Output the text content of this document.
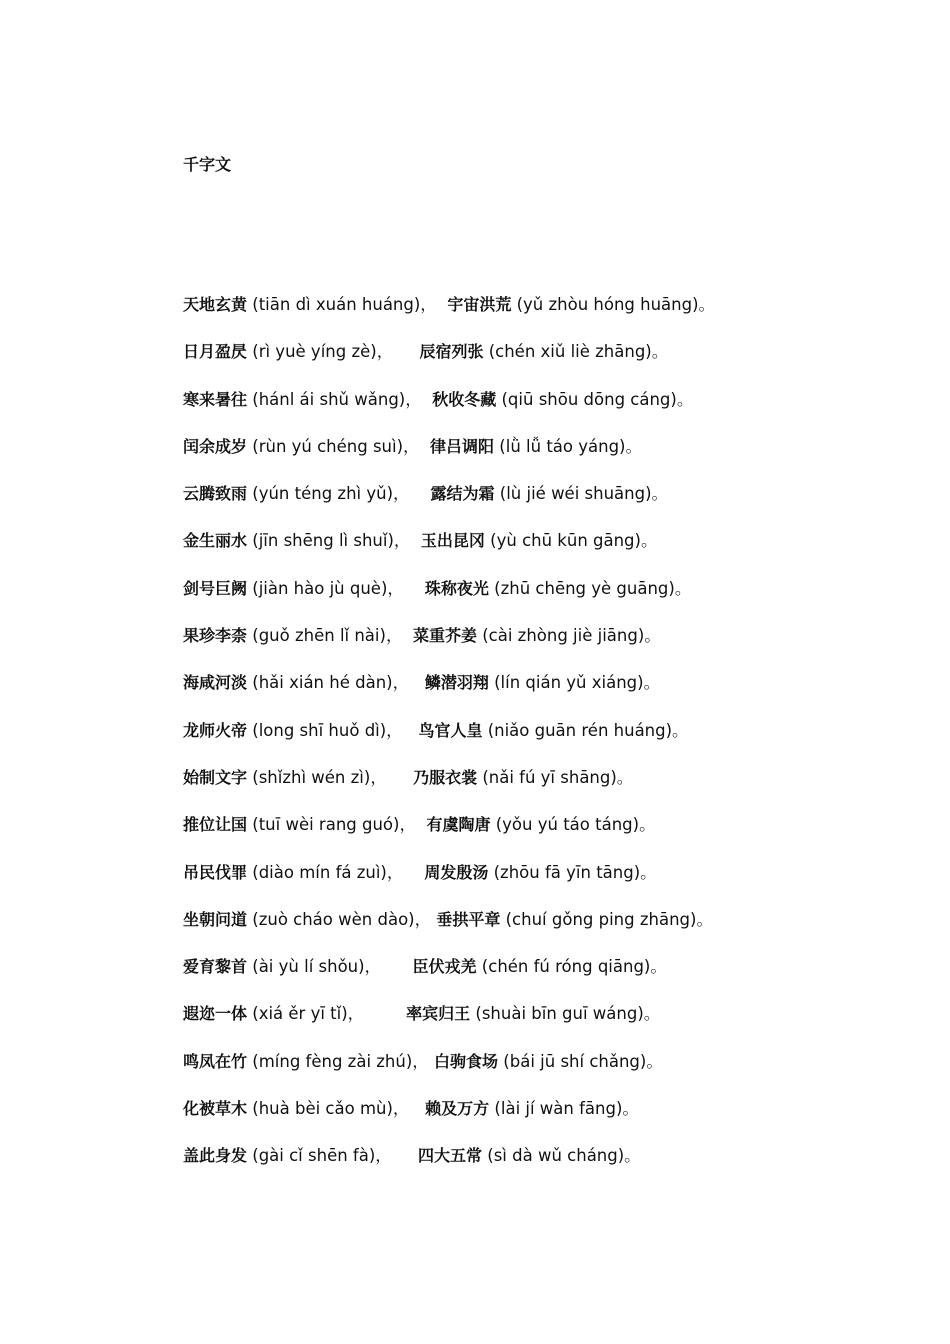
千字文
天地玄黄 (tiān dì xuán huáng)， 宇宙洪荒 (yǔ zhòu hóng huāng)。
日月盈昃 (rì yuè yíng zè)， 辰宿列张 (chén xiǔ liè zhāng)。
寒来暑往 (hánl ái shǔ wǎng)， 秋收冬藏 (qiū shōu dōng cáng)。
闰余成岁 (rùn yú chéng suì)， 律吕调阳 (lǜ lǚ táo yáng)。
云腾致雨 (yún téng zhì yǔ)， 露结为霜 (lù jié wéi shuāng)。
金生丽水 (jīn shēng lì shuǐ)， 玉出昆冈 (yù chū kūn gāng)。
剑号巨阙 (jiàn hào jù què)， 珠称夜光 (zhū chēng yè guāng)。
果珍李柰 (guǒ zhēn lǐ nài)， 菜重芥姜 (cài zhòng jiè jiāng)。
海咸河淡 (hǎi xián hé dàn)， 鳞潜羽翔 (lín qián yǔ xiáng)。
龙师火帝 (long shī huǒ dì)， 鸟官人皇 (niǎo guān rén huáng)。
始制文字 (shǐzhì wén zì)， 乃服衣裳 (nǎi fú yī shāng)。
推位让国 (tuī wèi rang guó)， 有虞陶唐 (yǒu yú táo táng)。
吊民伐罪 (diào mín fá zuì)， 周发殷汤 (zhōu fā yīn tāng)。
坐朝问道 (zuò cháo wèn dào)， 垂拱平章 (chuí gǒng ping zhāng)。
爱育黎首 (ài yù lí shǒu)， 臣伏戎羌 (chén fú róng qiāng)。
遐迩一体 (xiá ěr yī tǐ)，	率宾归王 (shuài bīn guī wáng)。
鸣凤在竹 (míng fèng zài zhú)， 白驹食场 (bái jū shí chǎng)。
化被草木 (huà bèi cǎo mù)， 赖及万方 (lài jí wàn fāng)。
盖此身发 (gài cǐ shēn fà)， 四大五常 (sì dà wǔ cháng)。
